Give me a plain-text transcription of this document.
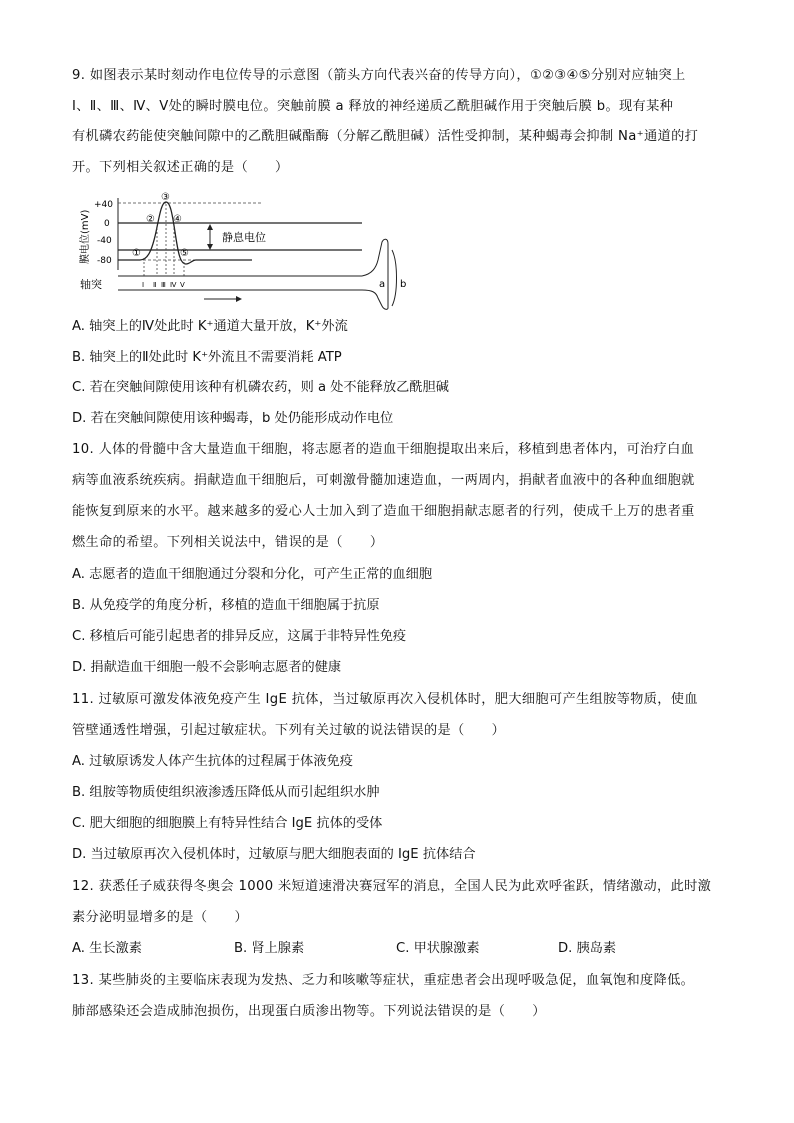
9. 如图表示某时刻动作电位传导的示意图（箭头方向代表兴奋的传导方向），①②③④⑤分别对应轴突上
Ⅰ、Ⅱ、Ⅲ、Ⅳ、Ⅴ处的瞬时膜电位。突触前膜 a 释放的神经递质乙酰胆碱作用于突触后膜 b。现有某种
有机磷农药能使突触间隙中的乙酰胆碱酯酶（分解乙酰胆碱）活性受抑制，某种蝎毒会抑制 Na⁺通道的打
开。下列相关叙述正确的是（　　）
膜电位(mV)
+40
0
-40
-80
静息电位
①
②
③
④
⑤
a b
Ⅰ Ⅱ Ⅲ Ⅳ Ⅴ
轴突
A. 轴突上的Ⅳ处此时 K⁺通道大量开放，K⁺外流
B. 轴突上的Ⅱ处此时 K⁺外流且不需要消耗 ATP
C. 若在突触间隙使用该种有机磷农药，则 a 处不能释放乙酰胆碱
D. 若在突触间隙使用该种蝎毒，b 处仍能形成动作电位
10. 人体的骨髓中含大量造血干细胞，将志愿者的造血干细胞提取出来后，移植到患者体内，可治疗白血
病等血液系统疾病。捐献造血干细胞后，可刺激骨髓加速造血，一两周内，捐献者血液中的各种血细胞就
能恢复到原来的水平。越来越多的爱心人士加入到了造血干细胞捐献志愿者的行列，使成千上万的患者重
燃生命的希望。下列相关说法中，错误的是（　　）
A. 志愿者的造血干细胞通过分裂和分化，可产生正常的血细胞
B. 从免疫学的角度分析，移植的造血干细胞属于抗原
C. 移植后可能引起患者的排异反应，这属于非特异性免疫
D. 捐献造血干细胞一般不会影响志愿者的健康
11. 过敏原可激发体液免疫产生 IgE 抗体，当过敏原再次入侵机体时，肥大细胞可产生组胺等物质，使血
管壁通透性增强，引起过敏症状。下列有关过敏的说法错误的是（　　）
A. 过敏原诱发人体产生抗体的过程属于体液免疫
B. 组胺等物质使组织液渗透压降低从而引起组织水肿
C. 肥大细胞的细胞膜上有特异性结合 IgE 抗体的受体
D. 当过敏原再次入侵机体时，过敏原与肥大细胞表面的 IgE 抗体结合
12. 获悉任子威获得冬奥会 1000 米短道速滑决赛冠军的消息，全国人民为此欢呼雀跃，情绪激动，此时激
素分泌明显增多的是（　　）
A. 生长激素	B. 肾上腺素	C. 甲状腺激素	D. 胰岛素
13. 某些肺炎的主要临床表现为发热、乏力和咳嗽等症状，重症患者会出现呼吸急促，血氧饱和度降低。
肺部感染还会造成肺泡损伤，出现蛋白质渗出物等。下列说法错误的是（　　）
